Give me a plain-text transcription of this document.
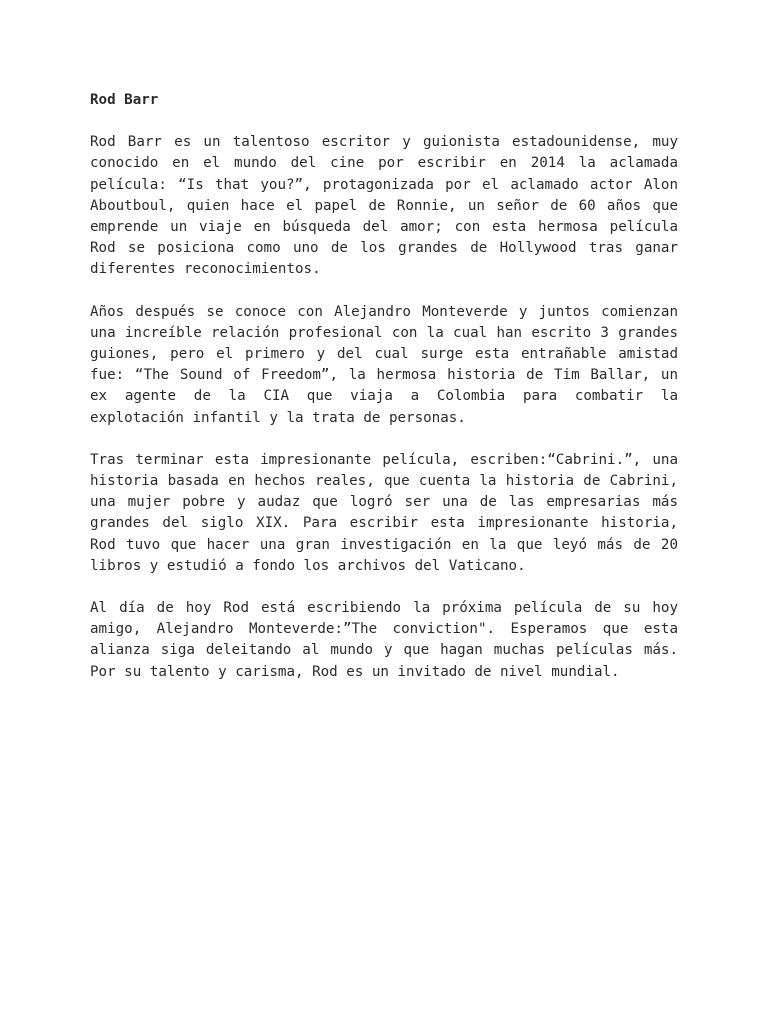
Rod Barr

Rod Barr es un talentoso escritor y guionista estadounidense, muy conocido en el mundo del cine por escribir en 2014 la aclamada película: “Is that you?”, protagonizada por el aclamado actor Alon Aboutboul, quien hace el papel de Ronnie, un señor de 60 años que emprende un viaje en búsqueda del amor; con esta hermosa película Rod se posiciona como uno de los grandes de Hollywood tras ganar diferentes reconocimientos.

Años después se conoce con Alejandro Monteverde y juntos comienzan una increíble relación profesional con la cual han escrito 3 grandes guiones, pero el primero y del cual surge esta entrañable amistad fue: “The Sound of Freedom”, la hermosa historia de Tim Ballar, un ex agente de la CIA que viaja a Colombia para combatir la explotación infantil y la trata de personas.

Tras terminar esta impresionante película, escriben:“Cabrini.”, una historia basada en hechos reales, que cuenta la historia de Cabrini, una mujer pobre y audaz que logró ser una de las empresarias más grandes del siglo XIX. Para escribir esta impresionante historia, Rod tuvo que hacer una gran investigación en la que leyó más de 20 libros y estudió a fondo los archivos del Vaticano.

Al día de hoy Rod está escribiendo la próxima película de su hoy amigo, Alejandro Monteverde:”The conviction". Esperamos que esta alianza siga deleitando al mundo y que hagan muchas películas más. Por su talento y carisma, Rod es un invitado de nivel mundial.
